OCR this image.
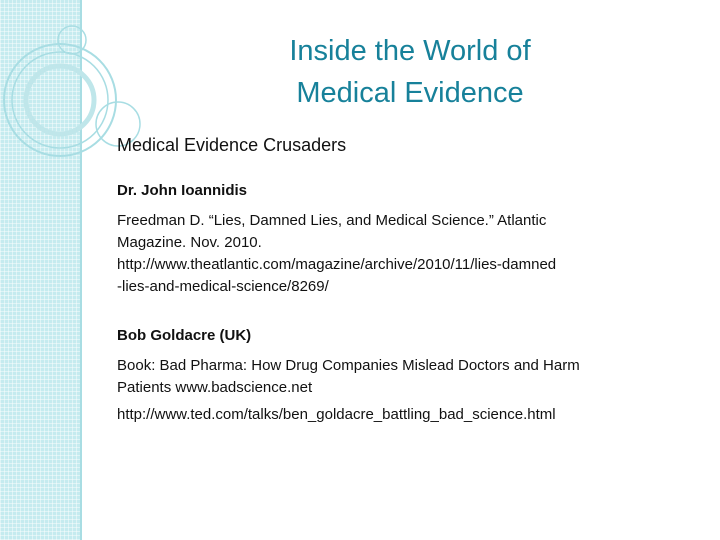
Inside the World of
Medical Evidence

Medical Evidence Crusaders

Dr. John Ioannidis

Freedman D. “Lies, Damned Lies, and Medical Science.” Atlantic
Magazine. Nov. 2010.
http://www.theatlantic.com/magazine/archive/2010/11/lies-damned
-lies-and-medical-science/8269/

Bob Goldacre (UK)

Book: Bad Pharma: How Drug Companies Mislead Doctors and Harm
Patients www.badscience.net

http://www.ted.com/talks/ben_goldacre_battling_bad_science.html
